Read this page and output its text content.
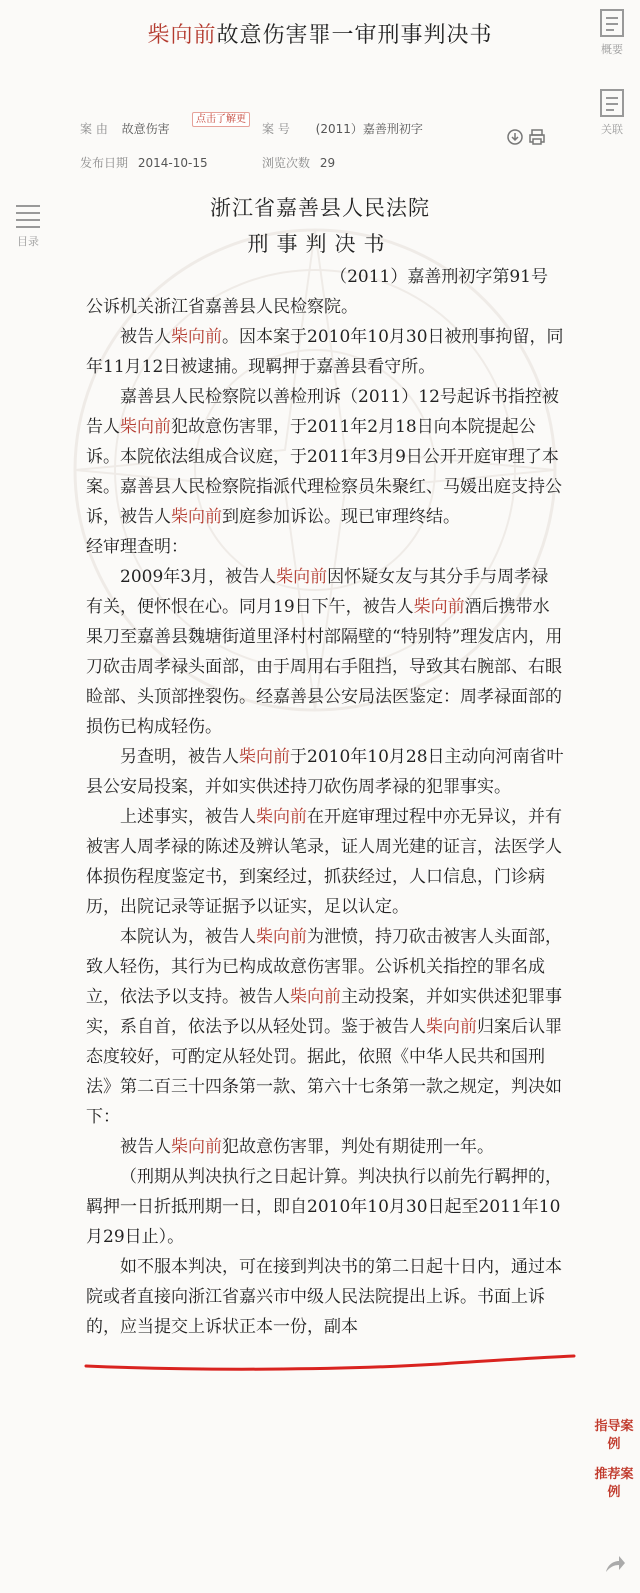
柴向前故意伤害罪一审刑事判决书
概要
关联
目录
案 由 故意伤害
点击了解更
案 号 (2011）嘉善刑初字
发布日期 2014-10-15	浏览次数 29
浙江省嘉善县人民法院
刑事判决书
（2011）嘉善刑初字第91号

公诉机关浙江省嘉善县人民检察院。

被告人柴向前。因本案于2010年10月30日被刑事拘留，同年11月12日被逮捕。现羁押于嘉善县看守所。

嘉善县人民检察院以善检刑诉（2011）12号起诉书指控被告人柴向前犯故意伤害罪，于2011年2月18日向本院提起公诉。本院依法组成合议庭，于2011年3月9日公开开庭审理了本案。嘉善县人民检察院指派代理检察员朱聚红、马媛出庭支持公诉，被告人柴向前到庭参加诉讼。现已审理终结。

经审理查明：

2009年3月，被告人柴向前因怀疑女友与其分手与周孝禄有关，便怀恨在心。同月19日下午，被告人柴向前酒后携带水果刀至嘉善县魏塘街道里泽村村部隔壁的“特别特”理发店内，用刀砍击周孝禄头面部，由于周用右手阻挡，导致其右腕部、右眼睑部、头顶部挫裂伤。经嘉善县公安局法医鉴定：周孝禄面部的损伤已构成轻伤。

另查明，被告人柴向前于2010年10月28日主动向河南省叶县公安局投案，并如实供述持刀砍伤周孝禄的犯罪事实。

上述事实，被告人柴向前在开庭审理过程中亦无异议，并有被害人周孝禄的陈述及辨认笔录，证人周光建的证言，法医学人体损伤程度鉴定书，到案经过，抓获经过，人口信息，门诊病历，出院记录等证据予以证实，足以认定。

本院认为，被告人柴向前为泄愤，持刀砍击被害人头面部，致人轻伤，其行为已构成故意伤害罪。公诉机关指控的罪名成立，依法予以支持。被告人柴向前主动投案，并如实供述犯罪事实，系自首，依法予以从轻处罚。鉴于被告人柴向前归案后认罪态度较好，可酌定从轻处罚。据此，依照《中华人民共和国刑法》第二百三十四条第一款、第六十七条第一款之规定，判决如下：

被告人柴向前犯故意伤害罪，判处有期徒刑一年。

（刑期从判决执行之日起计算。判决执行以前先行羁押的，羁押一日折抵刑期一日，即自2010年10月30日起至2011年10月29日止）。

如不服本判决，可在接到判决书的第二日起十日内，通过本院或者直接向浙江省嘉兴市中级人民法院提出上诉。书面上诉的，应当提交上诉状正本一份，副本

指导案例
推荐案例
